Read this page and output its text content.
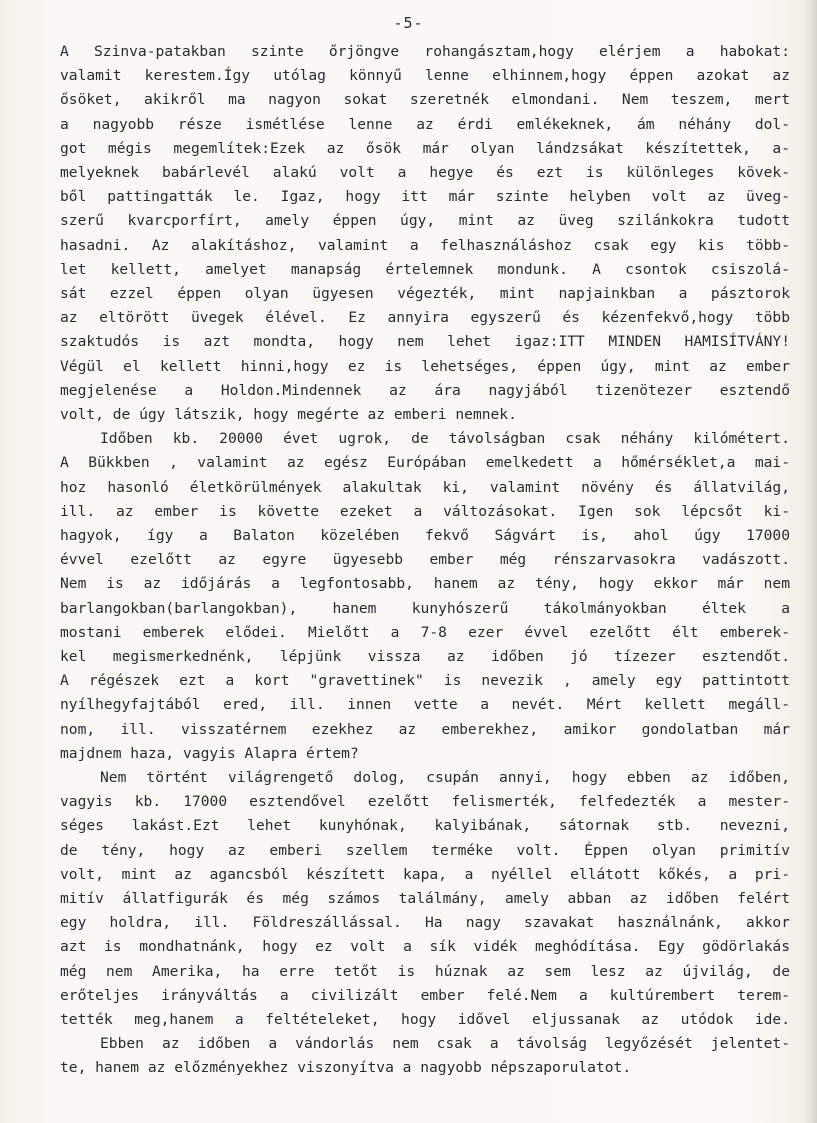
-5-
A Szinva-patakban szinte őrjöngve rohangásztam,hogy elérjem a habokat:
valamit kerestem.Így utólag könnyű lenne elhinnem,hogy éppen azokat az
ősöket, akikről ma nagyon sokat szeretnék elmondani. Nem teszem, mert
a nagyobb része ismétlése lenne az érdi emlékeknek, ám néhány dol-
got mégis megemlítek:Ezek az ősök már olyan lándzsákat készítettek, a-
melyeknek babárlevél alakú volt a hegye és ezt is különleges kövek-
ből pattingatták le. Igaz, hogy itt már szinte helyben volt az üveg-
szerű kvarcporfírt, amely éppen úgy, mint az üveg szilánkokra tudott
hasadni. Az alakításhoz, valamint a felhasználáshoz csak egy kis több-
let kellett, amelyet manapság értelemnek mondunk. A csontok csiszolá-
sát ezzel éppen olyan ügyesen végezték, mint napjainkban a pásztorok
az eltörött üvegek élével. Ez annyira egyszerű és kézenfekvő,hogy több
szaktudós is azt mondta, hogy nem lehet igaz:ITT MINDEN HAMISÍTVÁNY!
Végül el kellett hinni,hogy ez is lehetséges, éppen úgy, mint az ember
megjelenése a Holdon.Mindennek az ára nagyjából tizenötezer esztendő
volt, de úgy látszik, hogy megérte az emberi nemnek.
Időben kb. 20000 évet ugrok, de távolságban csak néhány kilómétert.
A Bükkben , valamint az egész Európában emelkedett a hőmérséklet,a mai-
hoz hasonló életkörülmények alakultak ki, valamint növény és állatvilág,
ill. az ember is követte ezeket a változásokat. Igen sok lépcsőt ki-
hagyok, így a Balaton közelében fekvő Ságvárt is, ahol úgy 17000
évvel ezelőtt az egyre ügyesebb ember még rénszarvasokra vadászott.
Nem is az időjárás a legfontosabb, hanem az tény, hogy ekkor már nem
barlangokban(barlangokban), hanem kunyhószerű tákolmányokban éltek a
mostani emberek elődei. Mielőtt a 7-8 ezer évvel ezelőtt élt emberek-
kel megismerkednénk, lépjünk vissza az időben jó tízezer esztendőt.
A régészek ezt a kort "gravettinek" is nevezik , amely egy pattintott
nyílhegyfajtából ered, ill. innen vette a nevét. Mért kellett megáll-
nom, ill. visszatérnem ezekhez az emberekhez, amikor gondolatban már
majdnem haza, vagyis Alapra értem?
Nem történt világrengető dolog, csupán annyi, hogy ebben az időben,
vagyis kb. 17000 esztendővel ezelőtt felismerték, felfedezték a mester-
séges lakást.Ezt lehet kunyhónak, kalyibának, sátornak stb. nevezni,
de tény, hogy az emberi szellem terméke volt. Éppen olyan primitív
volt, mint az agancsból készített kapa, a nyéllel ellátott kőkés, a pri-
mitív állatfigurák és még számos találmány, amely abban az időben felért
egy holdra, ill. Földreszállással. Ha nagy szavakat használnánk, akkor
azt is mondhatnánk, hogy ez volt a sík vidék meghódítása. Egy gödörlakás
még nem Amerika, ha erre tetőt is húznak az sem lesz az újvilág, de
erőteljes irányváltás a civilizált ember felé.Nem a kultúrembert terem-
tették meg,hanem a feltételeket, hogy idővel eljussanak az utódok ide.
Ebben az időben a vándorlás nem csak a távolság legyőzését jelentet-
te, hanem az előzményekhez viszonyítva a nagyobb népszaporulatot.
